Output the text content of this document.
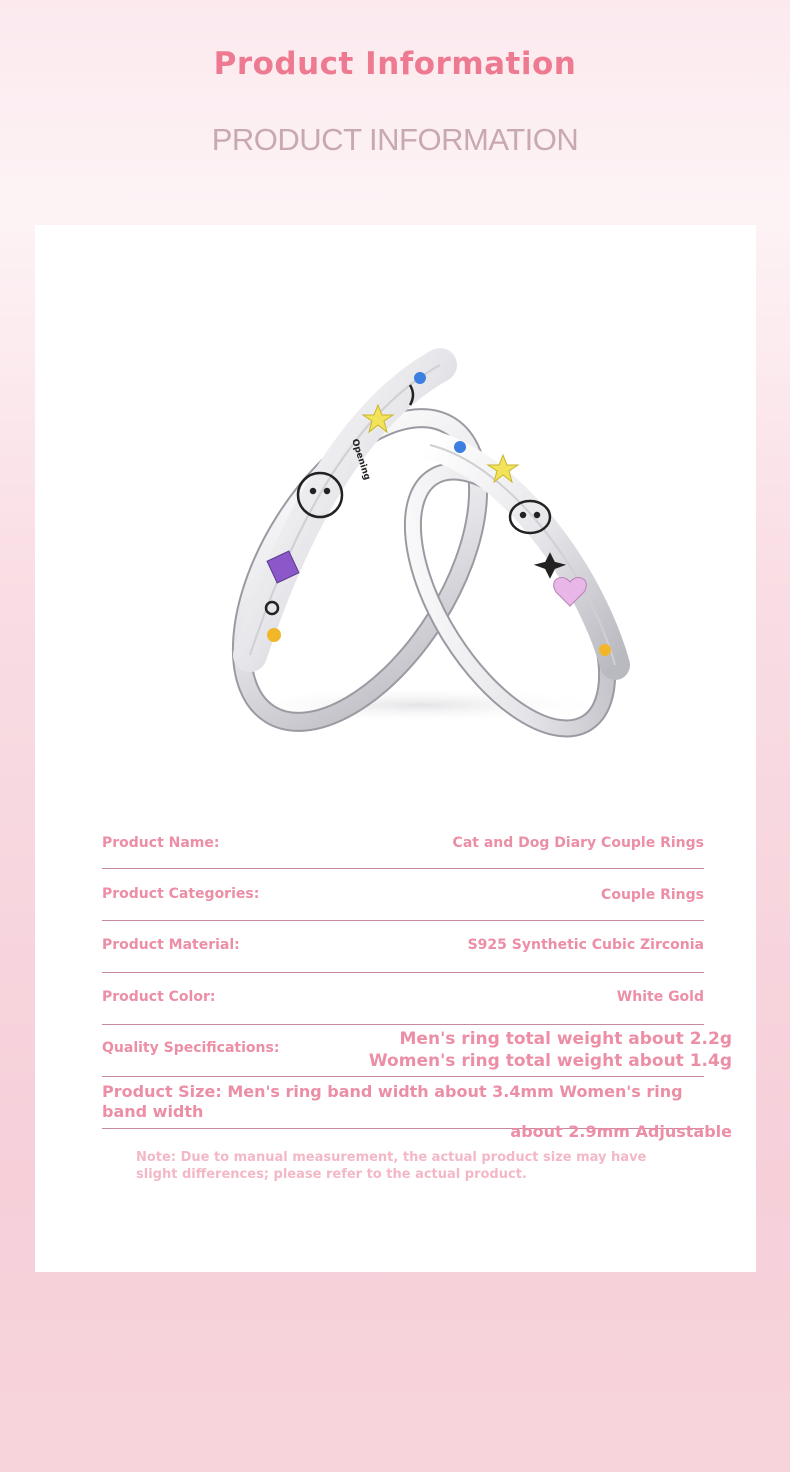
Product Information
PRODUCT INFORMATION
Opening
Product Name:	Cat and Dog Diary Couple Rings
Product Categories:	Couple Rings
Product Material:	S925 Synthetic Cubic Zirconia
Product Color:	White Gold
Quality Specifications:	Men's ring total weight about 2.2g Women's ring total weight about 1.4g
Product Size: Men's ring band width about 3.4mm Women's ring band width
about 2.9mm Adjustable
Note: Due to manual measurement, the actual product size may have slight differences; please refer to the actual product.
